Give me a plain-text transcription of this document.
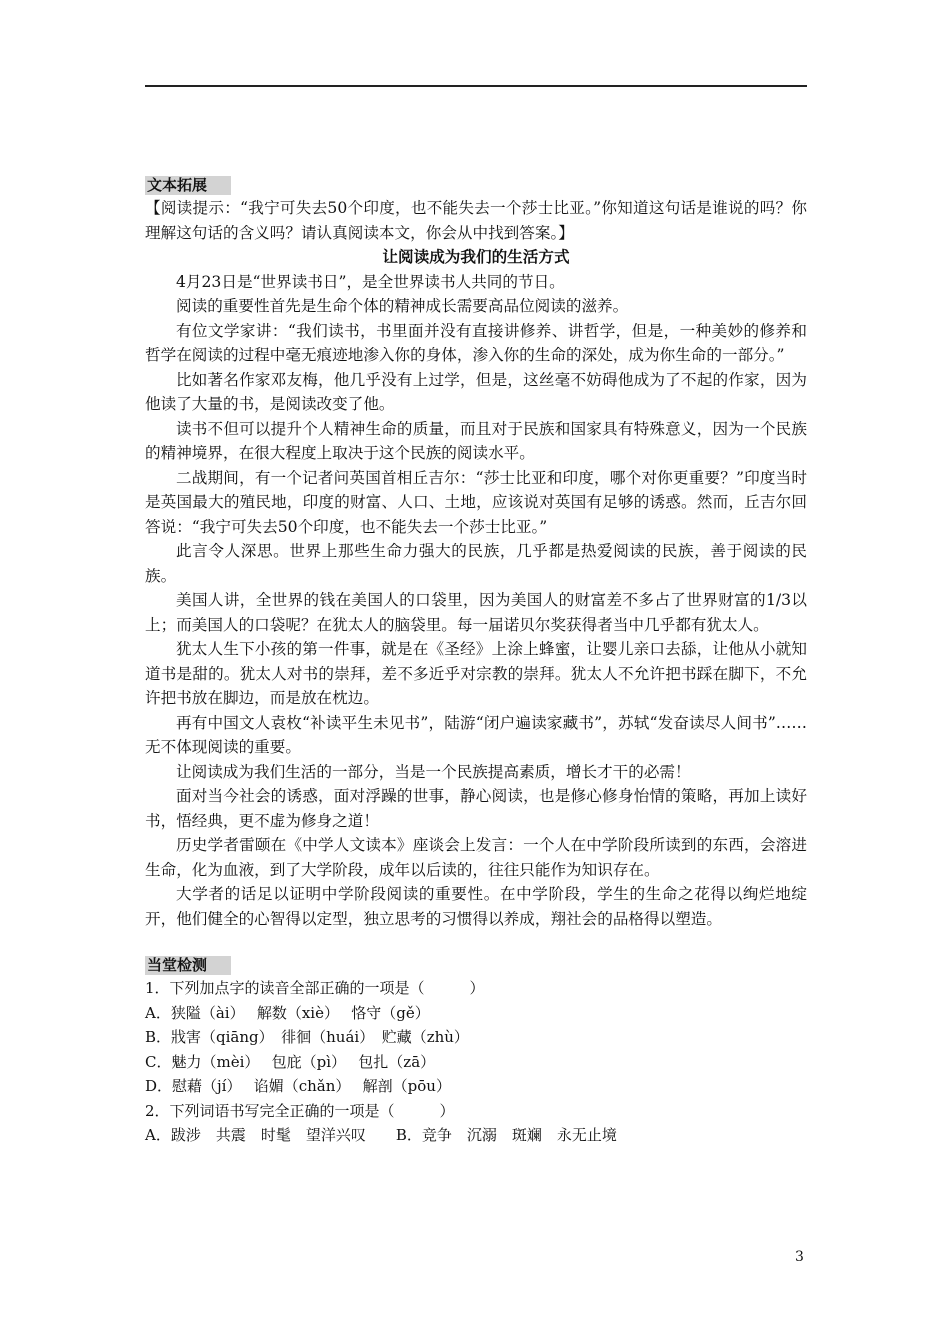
文本拓展

【阅读提示：“我宁可失去50个印度，也不能失去一个莎士比亚。”你知道这句话是谁说的吗？你理解这句话的含义吗？请认真阅读本文，你会从中找到答案。】

让阅读成为我们的生活方式

4月23日是“世界读书日”，是全世界读书人共同的节日。

阅读的重要性首先是生命个体的精神成长需要高品位阅读的滋养。

有位文学家讲：“我们读书，书里面并没有直接讲修养、讲哲学，但是，一种美妙的修养和哲学在阅读的过程中毫无痕迹地渗入你的身体，渗入你的生命的深处，成为你生命的一部分。”

比如著名作家邓友梅，他几乎没有上过学，但是，这丝毫不妨碍他成为了不起的作家，因为他读了大量的书，是阅读改变了他。

读书不但可以提升个人精神生命的质量，而且对于民族和国家具有特殊意义，因为一个民族的精神境界，在很大程度上取决于这个民族的阅读水平。

二战期间，有一个记者问英国首相丘吉尔：“莎士比亚和印度，哪个对你更重要？”印度当时是英国最大的殖民地，印度的财富、人口、土地，应该说对英国有足够的诱惑。然而，丘吉尔回答说：“我宁可失去50个印度，也不能失去一个莎士比亚。”

此言令人深思。世界上那些生命力强大的民族，几乎都是热爱阅读的民族，善于阅读的民族。

美国人讲，全世界的钱在美国人的口袋里，因为美国人的财富差不多占了世界财富的1/3以上；而美国人的口袋呢？在犹太人的脑袋里。每一届诺贝尔奖获得者当中几乎都有犹太人。

犹太人生下小孩的第一件事，就是在《圣经》上涂上蜂蜜，让婴儿亲口去舔，让他从小就知道书是甜的。犹太人对书的崇拜，差不多近乎对宗教的崇拜。犹太人不允许把书踩在脚下，不允许把书放在脚边，而是放在枕边。

再有中国文人袁枚“补读平生未见书”，陆游“闭户遍读家藏书”，苏轼“发奋读尽人间书”……无不体现阅读的重要。

让阅读成为我们生活的一部分，当是一个民族提高素质，增长才干的必需！

面对当今社会的诱惑，面对浮躁的世事，静心阅读，也是修心修身怡情的策略，再加上读好书，悟经典，更不虚为修身之道！

历史学者雷颐在《中学人文读本》座谈会上发言：一个人在中学阶段所读到的东西，会溶进生命，化为血液，到了大学阶段，成年以后读的，往往只能作为知识存在。

大学者的话足以证明中学阶段阅读的重要性。在中学阶段，学生的生命之花得以绚烂地绽开，他们健全的心智得以定型，独立思考的习惯得以养成，翔社会的品格得以塑造。

当堂检测

1．下列加点字的读音全部正确的一项是（　　　）

A．狭隘（ài）　 解数（xiè）　 恪守（gě）

B．戕害（qiāng）　徘徊（huái）　贮藏（zhù）

C．魅力（mèi）　 包庇（pì）　 包扎（zā）

D．慰藉（jí）　 谄媚（chǎn）　 解剖（pōu）

2．下列词语书写完全正确的一项是（　　　）

A．跋涉　共震　时髦　望洋兴叹　　B．竞争　沉溺　斑斓　永无止境

3
